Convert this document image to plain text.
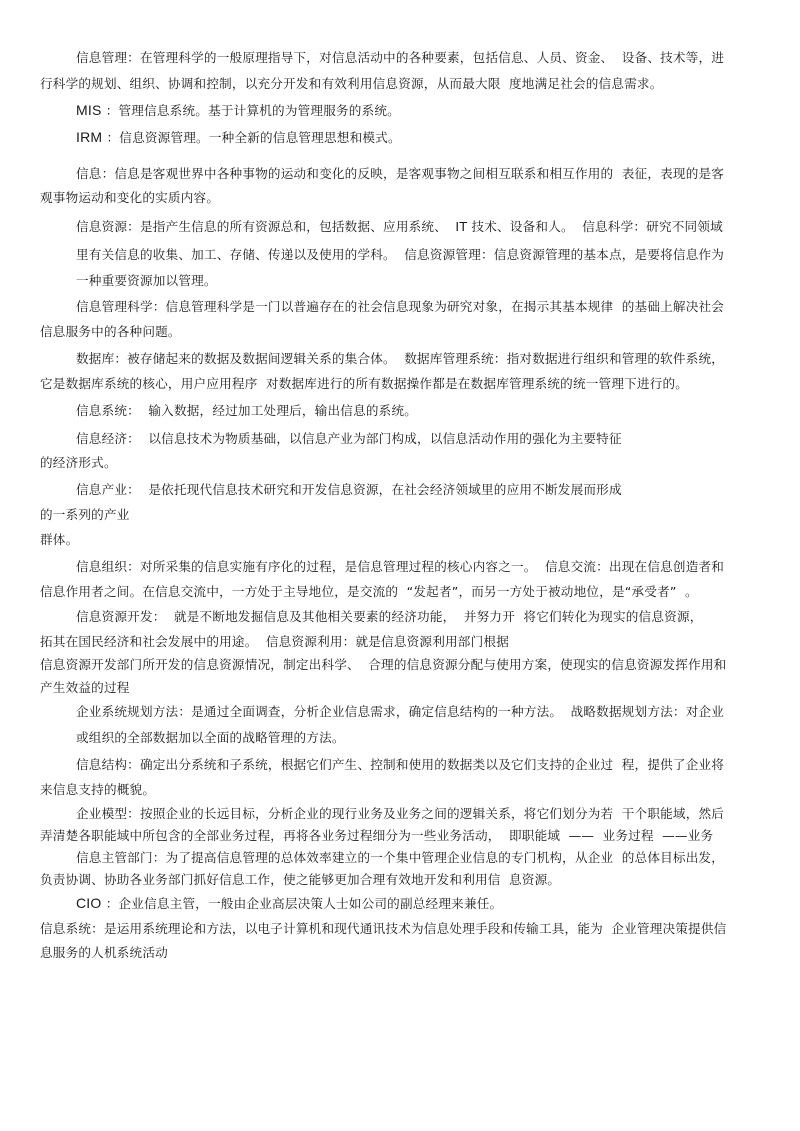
信息管理：在管理科学的一般原理指导下，对信息活动中的各种要素，包括信息、人员、资金、  设备、技术等，进
行科学的规划、组织、协调和控制，以充分开发和有效利用信息资源，从而最大限  度地满足社会的信息需求。
MIS ：管理信息系统。基于计算机的为管理服务的系统。
IRM ：信息资源管理。一种全新的信息管理思想和模式。
信息：信息是客观世界中各种事物的运动和变化的反映，是客观事物之间相互联系和相互作用的  表征，表现的是客
观事物运动和变化的实质内容。
信息资源：是指产生信息的所有资源总和，包括数据、应用系统、  IT 技术、设备和人。  信息科学：研究不同领域
里有关信息的收集、加工、存储、传递以及使用的学科。  信息资源管理：信息资源管理的基本点，是要将信息作为
一种重要资源加以管理。
信息管理科学：信息管理科学是一门以普遍存在的社会信息现象为研究对象，在揭示其基本规律  的基础上解决社会
信息服务中的各种问题。
数据库：被存储起来的数据及数据间逻辑关系的集合体。  数据库管理系统：指对数据进行组织和管理的软件系统，
它是数据库系统的核心，用户应用程序  对数据库进行的所有数据操作都是在数据库管理系统的统一管理下进行的。
信息系统：  输入数据，经过加工处理后，输出信息的系统。
信息经济：  以信息技术为物质基础，以信息产业为部门构成，以信息活动作用的强化为主要特征
的经济形式。
信息产业：  是依托现代信息技术研究和开发信息资源，在社会经济领域里的应用不断发展而形成
的一系列的产业
群体。
信息组织：对所采集的信息实施有序化的过程，是信息管理过程的核心内容之一。  信息交流：出现在信息创造者和
信息作用者之间。在信息交流中，一方处于主导地位，是交流的  “发起者”，而另一方处于被动地位，是“承受者”  。
信息资源开发：  就是不断地发掘信息及其他相关要素的经济功能，  并努力开  将它们转化为现实的信息资源，
拓其在国民经济和社会发展中的用途。  信息资源利用：就是信息资源利用部门根据
信息资源开发部门所开发的信息资源情况，制定出科学、  合理的信息资源分配与使用方案，使现实的信息资源发挥作用和
产生效益的过程
企业系统规划方法：是通过全面调查，分析企业信息需求，确定信息结构的一种方法。  战略数据规划方法：对企业
或组织的全部数据加以全面的战略管理的方法。
信息结构：确定出分系统和子系统，根据它们产生、控制和使用的数据类以及它们支持的企业过  程，提供了企业将
来信息支持的概貌。
企业模型：按照企业的长远目标，分析企业的现行业务及业务之间的逻辑关系，将它们划分为若  干个职能域，然后
弄清楚各职能域中所包含的全部业务过程，再将各业务过程细分为一些业务活动，  即职能域  ——  业务过程  ——业务
信息主管部门：为了提高信息管理的总体效率建立的一个集中管理企业信息的专门机构，从企业  的总体目标出发，
负责协调、协助各业务部门抓好信息工作，使之能够更加合理有效地开发和利用信  息资源。
CIO ：企业信息主管，一般由企业高层决策人士如公司的副总经理来兼任。
信息系统：是运用系统理论和方法，以电子计算机和现代通讯技术为信息处理手段和传输工具，能为  企业管理决策提供信
息服务的人机系统活动
